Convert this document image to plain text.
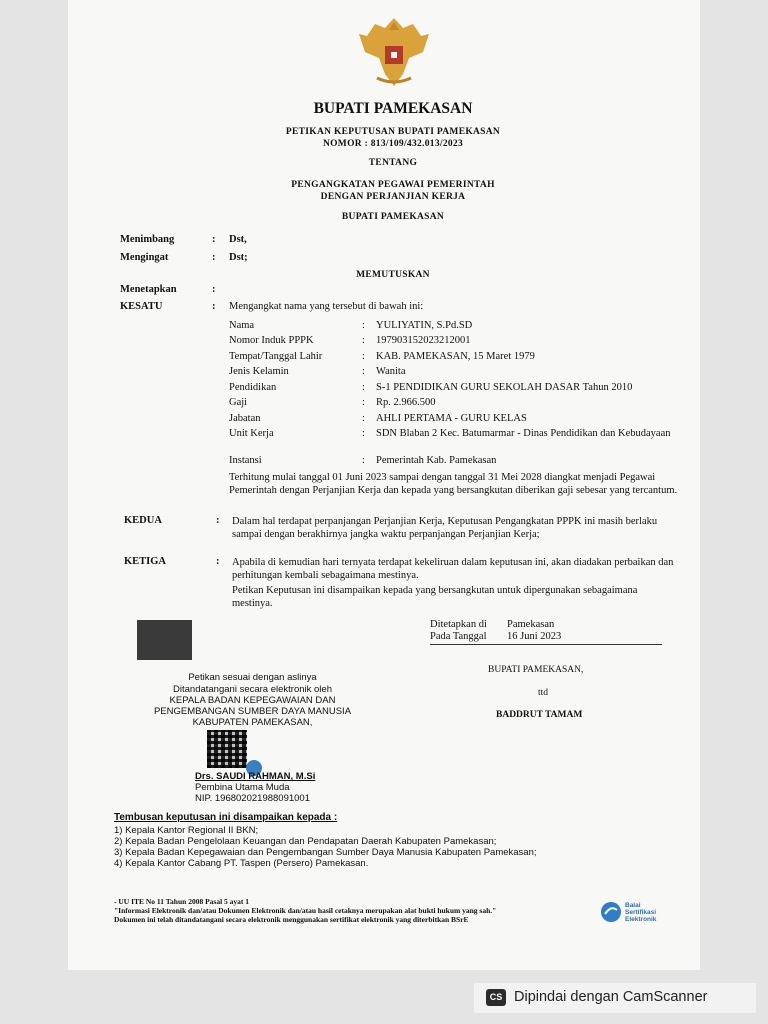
BUPATI PAMEKASAN
PETIKAN KEPUTUSAN BUPATI PAMEKASAN
NOMOR : 813/109/432.013/2023
TENTANG
PENGANGKATAN PEGAWAI PEMERINTAH
DENGAN PERJANJIAN KERJA
BUPATI PAMEKASAN
Menimbang	: Dst,
Mengingat	: Dst;
MEMUTUSKAN
Menetapkan	:
KESATU	: Mengangkat nama yang tersebut di bawah ini:
Nama	: YULIYATIN, S.Pd.SD
Nomor Induk PPPK	: 197903152023212001
Tempat/Tanggal Lahir	: KAB. PAMEKASAN, 15 Maret 1979
Jenis Kelamin	: Wanita
Pendidikan	: S-1 PENDIDIKAN GURU SEKOLAH DASAR Tahun 2010
Gaji	: Rp. 2.966.500
Jabatan	: AHLI PERTAMA - GURU KELAS
Unit Kerja	: SDN Blaban 2 Kec. Batumarmar - Dinas Pendidikan dan Kebudayaan
Instansi	: Pemerintah Kab. Pamekasan
Terhitung mulai tanggal 01 Juni 2023 sampai dengan tanggal 31 Mei 2028 diangkat menjadi Pegawai Pemerintah dengan Perjanjian Kerja dan kepada yang bersangkutan diberikan gaji sebesar yang tercantum.
KEDUA	: Dalam hal terdapat perpanjangan Perjanjian Kerja, Keputusan Pengangkatan PPPK ini masih berlaku sampai dengan berakhirnya jangka waktu perpanjangan Perjanjian Kerja;
KETIGA	: Apabila di kemudian hari ternyata terdapat kekeliruan dalam keputusan ini, akan diadakan perbaikan dan perhitungan kembali sebagaimana mestinya.
Petikan Keputusan ini disampaikan kepada yang bersangkutan untuk dipergunakan sebagaimana mestinya.
Ditetapkan di Pamekasan
Pada Tanggal 16 Juni 2023
BUPATI PAMEKASAN,
ttd
BADDRUT TAMAM
Petikan sesuai dengan aslinya
Ditandatangani secara elektronik oleh
KEPALA BADAN KEPEGAWAIAN DAN
PENGEMBANGAN SUMBER DAYA MANUSIA
KABUPATEN PAMEKASAN,
Drs. SAUDI RAHMAN, M.Si
Pembina Utama Muda
NIP. 196802021988091001
Tembusan keputusan ini disampaikan kepada :
1) Kepala Kantor Regional II BKN;
2) Kepala Badan Pengelolaan Keuangan dan Pendapatan Daerah Kabupaten Pamekasan;
3) Kepala Badan Kepegawaian dan Pengembangan Sumber Daya Manusia Kabupaten Pamekasan;
4) Kepala Kantor Cabang PT. Taspen (Persero) Pamekasan.
- UU ITE No 11 Tahun 2008 Pasal 5 ayat 1
"Informasi Elektronik dan/atau Dokumen Elektronik dan/atau hasil cetaknya merupakan alat bukti hukum yang sah."
Dokumen ini telah ditandatangani secara elektronik menggunakan sertifikat elektronik yang diterbitkan BSrE
Balai
Sertifikasi
Elektronik
CS Dipindai dengan CamScanner
